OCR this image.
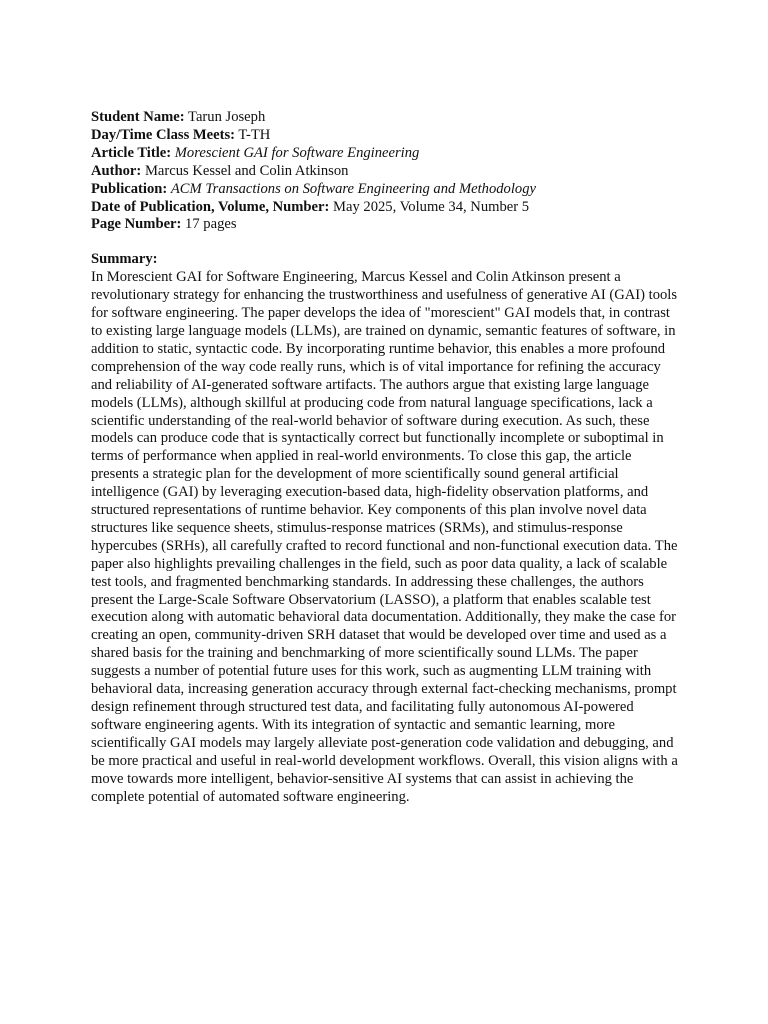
Student Name: Tarun Joseph
Day/Time Class Meets: T-TH
Article Title: Morescient GAI for Software Engineering
Author: Marcus Kessel and Colin Atkinson
Publication: ACM Transactions on Software Engineering and Methodology
Date of Publication, Volume, Number: May 2025, Volume 34, Number 5
Page Number: 17 pages
Summary:

In Morescient GAI for Software Engineering, Marcus Kessel and Colin Atkinson present a revolutionary strategy for enhancing the trustworthiness and usefulness of generative AI (GAI) tools for software engineering. The paper develops the idea of "morescient" GAI models that, in contrast to existing large language models (LLMs), are trained on dynamic, semantic features of software, in addition to static, syntactic code. By incorporating runtime behavior, this enables a more profound comprehension of the way code really runs, which is of vital importance for refining the accuracy and reliability of AI-generated software artifacts. The authors argue that existing large language models (LLMs), although skillful at producing code from natural language specifications, lack a scientific understanding of the real-world behavior of software during execution. As such, these models can produce code that is syntactically correct but functionally incomplete or suboptimal in terms of performance when applied in real-world environments. To close this gap, the article presents a strategic plan for the development of more scientifically sound general artificial intelligence (GAI) by leveraging execution-based data, high-fidelity observation platforms, and structured representations of runtime behavior. Key components of this plan involve novel data structures like sequence sheets, stimulus-response matrices (SRMs), and stimulus-response hypercubes (SRHs), all carefully crafted to record functional and non-functional execution data. The paper also highlights prevailing challenges in the field, such as poor data quality, a lack of scalable test tools, and fragmented benchmarking standards. In addressing these challenges, the authors present the Large-Scale Software Observatorium (LASSO), a platform that enables scalable test execution along with automatic behavioral data documentation. Additionally, they make the case for creating an open, community-driven SRH dataset that would be developed over time and used as a shared basis for the training and benchmarking of more scientifically sound LLMs. The paper suggests a number of potential future uses for this work, such as augmenting LLM training with behavioral data, increasing generation accuracy through external fact-checking mechanisms, prompt design refinement through structured test data, and facilitating fully autonomous AI-powered software engineering agents. With its integration of syntactic and semantic learning, more scientifically GAI models may largely alleviate post-generation code validation and debugging, and be more practical and useful in real-world development workflows. Overall, this vision aligns with a move towards more intelligent, behavior-sensitive AI systems that can assist in achieving the complete potential of automated software engineering.
